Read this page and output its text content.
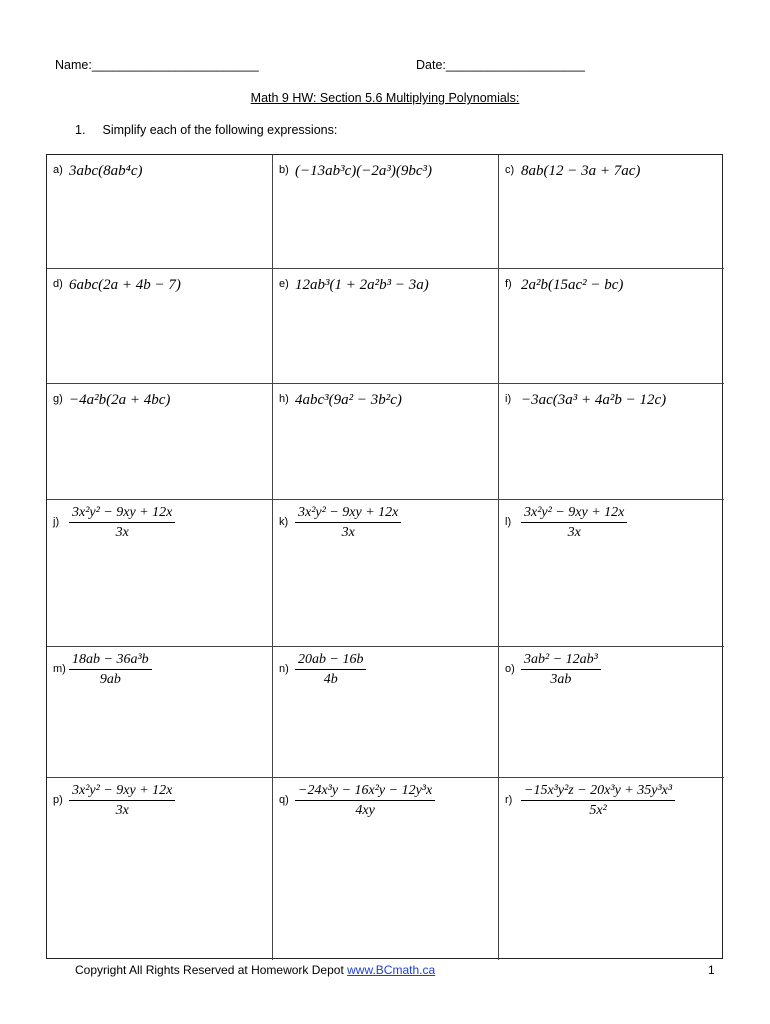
Name:________________________	Date:____________________
Math 9 HW: Section 5.6 Multiplying Polynomials:
1. Simplify each of the following expressions:
a) 3abc(8ab⁴c)	b) (−13ab³c)(−2a³)(9bc³)	c) 8ab(12 − 3a + 7ac)
d) 6abc(2a + 4b − 7)	e) 12ab³(1 + 2a²b³ − 3a)	f) 2a²b(15ac² − bc)
g) −4a²b(2a + 4bc)	h) 4abc³(9a² − 3b²c)	i) −3ac(3a³ + 4a²b − 12c)
$j) \frac{\text{3x²y² − 9xy + 12x}}{3x}$	$k) \frac{\text{3x²y² − 9xy + 12x}}{3x}$	$l) \frac{\text{3x²y² − 9xy + 12x}}{3x}$
$m) \frac{\text{18ab − 36a³b}}{9ab}$	$n) \frac{20ab - 16b}{4b}$	$o) \frac{\text{3ab² − 12ab³}}{3ab}$
$p) \frac{\text{3x²y² − 9xy + 12x}}{3x}$	$q) \frac{\text{−24x³y − 16x²y − 12y³x}}{4xy}$	$r) \frac{\text{−15x³y²z − 20x³y + 35y³x³}}{\text{5x²}}$
Copyright All Rights Reserved at Homework Depot www.BCmath.ca	1
